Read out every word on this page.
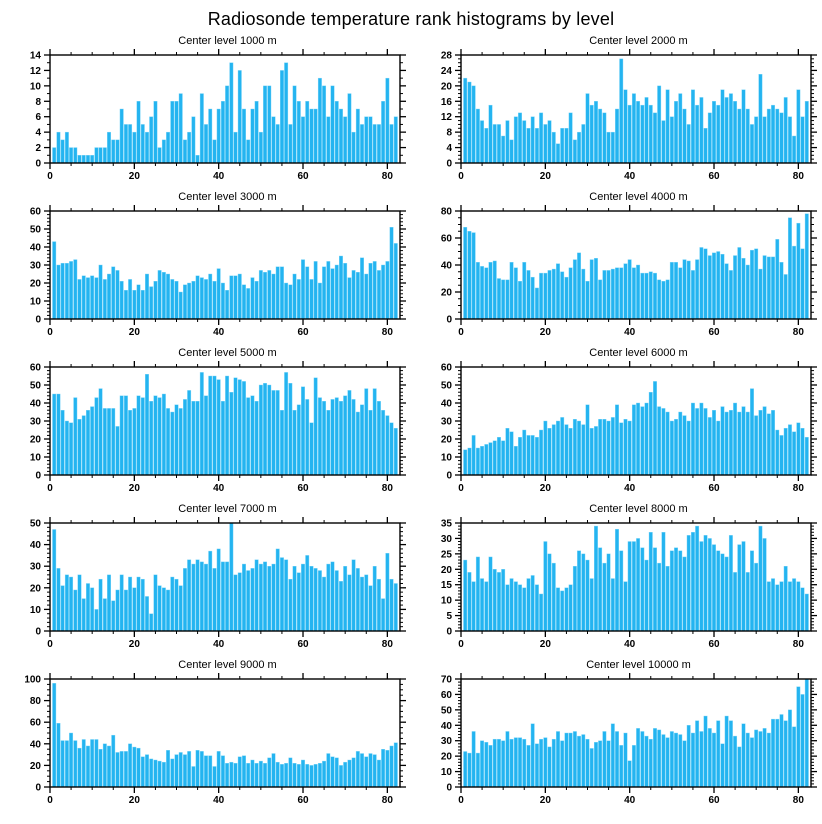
Radiosonde temperature rank histograms by level
Center level 1000 m
0	20	40	60	80
0
2
4
6
8
10
12
14
Center level 2000 m
0	20	40	60	80
0
4
8
12
16
20
24
28
Center level 3000 m
0	20	40	60	80
0
10
20
30
40
50
60
Center level 4000 m
0	20	40	60	80
0
20
40
60
80
Center level 5000 m
0	20	40	60	80
0
10
20
30
40
50
60
Center level 6000 m
0	20	40	60	80
0
10
20
30
40
50
60
Center level 7000 m
0	20	40	60	80
0
10
20
30
40
50
Center level 8000 m
0	20	40	60	80
0
5
10
15
20
25
30
35
Center level 9000 m
0	20	40	60	80
0
20
40
60
80
100
Center level 10000 m
0	20	40	60	80
0
10
20
30
40
50
60
70
